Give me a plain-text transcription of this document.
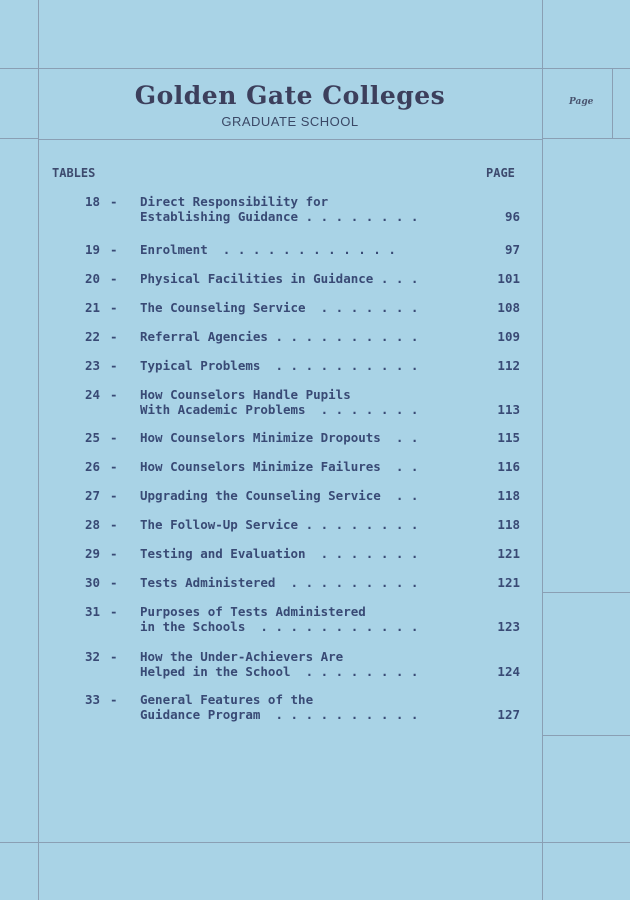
Golden Gate Colleges
GRADUATE SCHOOL
Page
TABLES	PAGE
18 - Direct Responsibility for
Establishing Guidance . . . . . . . .	96
19 - Enrolment  . . . . . . . . . . . .	97
20 - Physical Facilities in Guidance . . .	101
21 - The Counseling Service  . . . . . . .	108
22 - Referral Agencies . . . . . . . . . .	109
23 - Typical Problems  . . . . . . . . . .	112
24 - How Counselors Handle Pupils
With Academic Problems  . . . . . . .	113
25 - How Counselors Minimize Dropouts  . .	115
26 - How Counselors Minimize Failures  . .	116
27 - Upgrading the Counseling Service  . .	118
28 - The Follow-Up Service . . . . . . . .	118
29 - Testing and Evaluation  . . . . . . .	121
30 - Tests Administered  . . . . . . . . .	121
31 - Purposes of Tests Administered
in the Schools  . . . . . . . . . . .	123
32 - How the Under-Achievers Are
Helped in the School  . . . . . . . .	124
33 - General Features of the
Guidance Program  . . . . . . . . . .	127
